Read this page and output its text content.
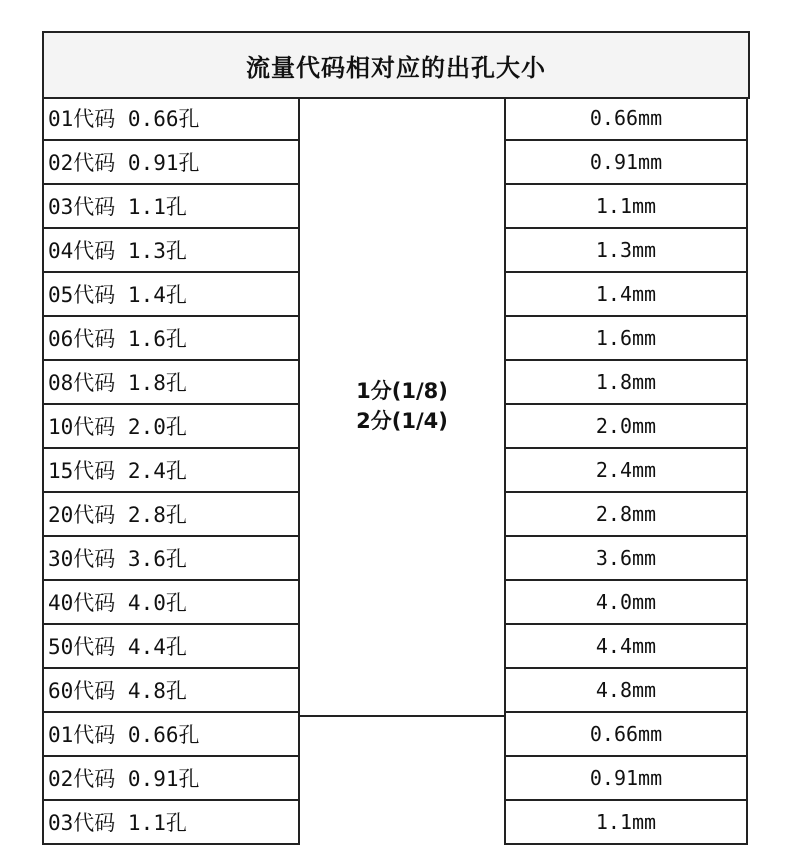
流量代码相对应的出孔大小
1分(1/8)
2分(1/4)
01代码 0.66孔	0.66mm
02代码 0.91孔	0.91mm
03代码 1.1孔	1.1mm
04代码 1.3孔	1.3mm
05代码 1.4孔	1.4mm
06代码 1.6孔	1.6mm
08代码 1.8孔	1.8mm
10代码 2.0孔	2.0mm
15代码 2.4孔	2.4mm
20代码 2.8孔	2.8mm
30代码 3.6孔	3.6mm
40代码 4.0孔	4.0mm
50代码 4.4孔	4.4mm
60代码 4.8孔	4.8mm
01代码 0.66孔	0.66mm
02代码 0.91孔	0.91mm
03代码 1.1孔	1.1mm
